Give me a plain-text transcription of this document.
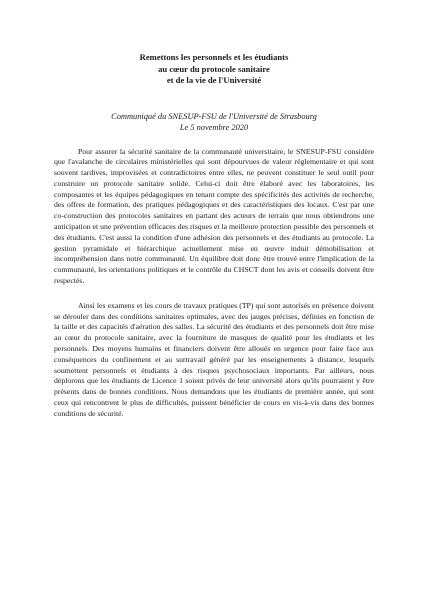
Remettons les personnels et les étudiants
au cœur du protocole sanitaire
et de la vie de l'Université
Communiqué du SNESUP-FSU de l'Université de Strasbourg
Le 5 novembre 2020

Pour assurer la sécurité sanitaire de la communauté universitaire, le SNESUP-FSU considère que l'avalanche de circulaires ministérielles qui sont dépourvues de valeur réglementaire et qui sont souvent tardives, improvisées et contradictoires entre elles, ne peuvent constituer le seul outil pour construire un protocole sanitaire solide. Celui-ci doit être élaboré avec les laboratoires, les composantes et les équipes pédagogiques en tenant compte des spécificités des activités de recherche, des offres de formation, des pratiques pédagogiques et des caractéristiques des locaux. C'est par une co-construction des protocoles sanitaires en partant des acteurs de terrain que nous obtiendrons une anticipation et une prévention efficaces des risques et la meilleure protection possible des personnels et des étudiants. C'est aussi la condition d'une adhésion des personnels et des étudiants au protocole. La gestion pyramidale et hiérarchique actuellement mise en œuvre induit démobilisation et incompréhension dans notre communauté. Un équilibre doit donc être trouvé entre l'implication de la communauté, les orientations politiques et le contrôle du CHSCT dont les avis et conseils doivent être respectés.

Ainsi les examens et les cours de travaux pratiques (TP) qui sont autorisés en présence doivent se dérouler dans des conditions sanitaires optimales, avec des jauges précises, définies en fonction de la taille et des capacités d'aération des salles. La sécurité des étudiants et des personnels doit être mise au cœur du protocole sanitaire, avec la fourniture de masques de qualité pour les étudiants et les personnels. Des moyens humains et financiers doivent être alloués en urgence pour faire face aux conséquences du confinement et au surtravail généré par les enseignements à distance, lesquels soumettent personnels et étudiants à des risques psychosociaux importants. Par ailleurs, nous déplorons que les étudiants de Licence 1 soient privés de leur université alors qu'ils pourraient y être présents dans de bonnes conditions. Nous demandons que les étudiants de première année, qui sont ceux qui rencontrent le plus de difficultés, puissent bénéficier de cours en vis-à-vis dans des bonnes conditions de sécurité.
